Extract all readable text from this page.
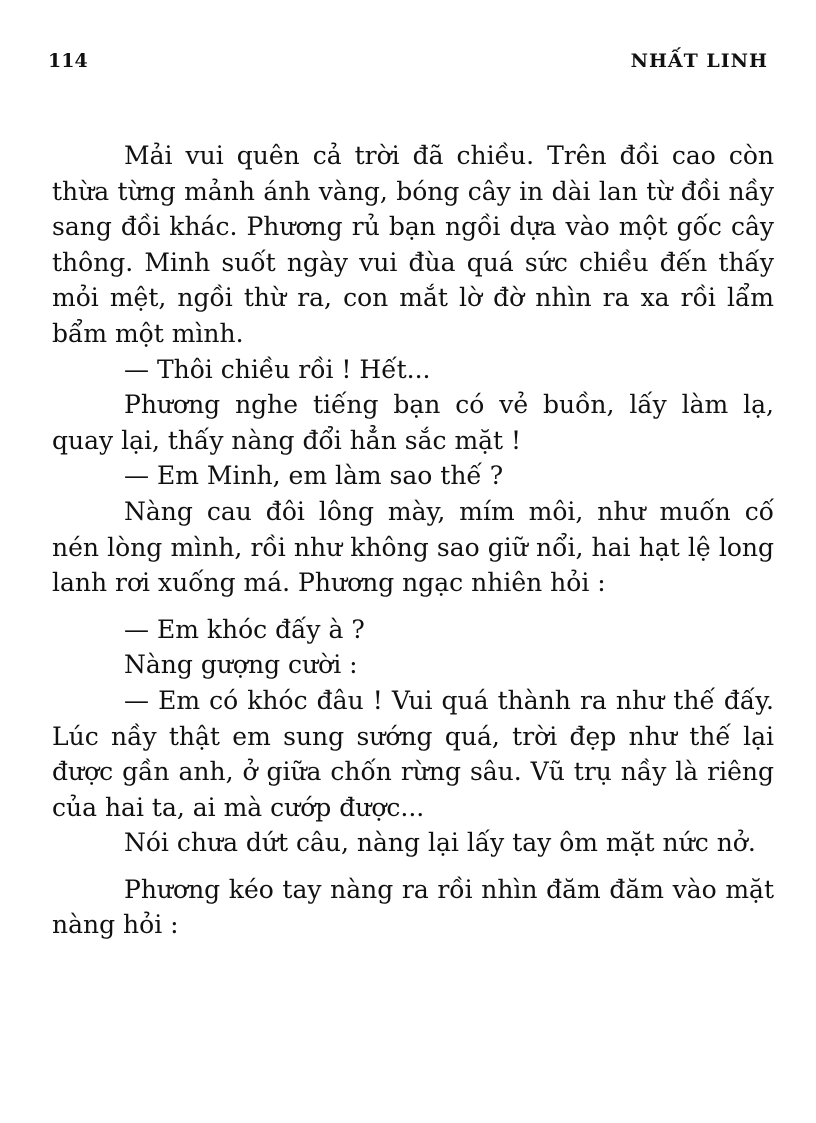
114	NHẤT LINH

Mải vui quên cả trời đã chiều. Trên đồi cao còn thừa từng mảnh ánh vàng, bóng cây in dài lan từ đồi nầy sang đồi khác. Phương rủ bạn ngồi dựa vào một gốc cây thông. Minh suốt ngày vui đùa quá sức chiều đến thấy mỏi mệt, ngồi thừ ra, con mắt lờ đờ nhìn ra xa rồi lẩm bẩm một mình.

— Thôi chiều rồi ! Hết...

Phương nghe tiếng bạn có vẻ buồn, lấy làm lạ, quay lại, thấy nàng đổi hẳn sắc mặt !

— Em Minh, em làm sao thế ?

Nàng cau đôi lông mày, mím môi, như muốn cố nén lòng mình, rồi như không sao giữ nổi, hai hạt lệ long lanh rơi xuống má. Phương ngạc nhiên hỏi :

— Em khóc đấy à ?

Nàng gượng cười :

— Em có khóc đâu ! Vui quá thành ra như thế đấy. Lúc nầy thật em sung sướng quá, trời đẹp như thế lại được gần anh, ở giữa chốn rừng sâu. Vũ trụ nầy là riêng của hai ta, ai mà cướp được...

Nói chưa dứt câu, nàng lại lấy tay ôm mặt nức nở.

Phương kéo tay nàng ra rồi nhìn đăm đăm vào mặt nàng hỏi :
